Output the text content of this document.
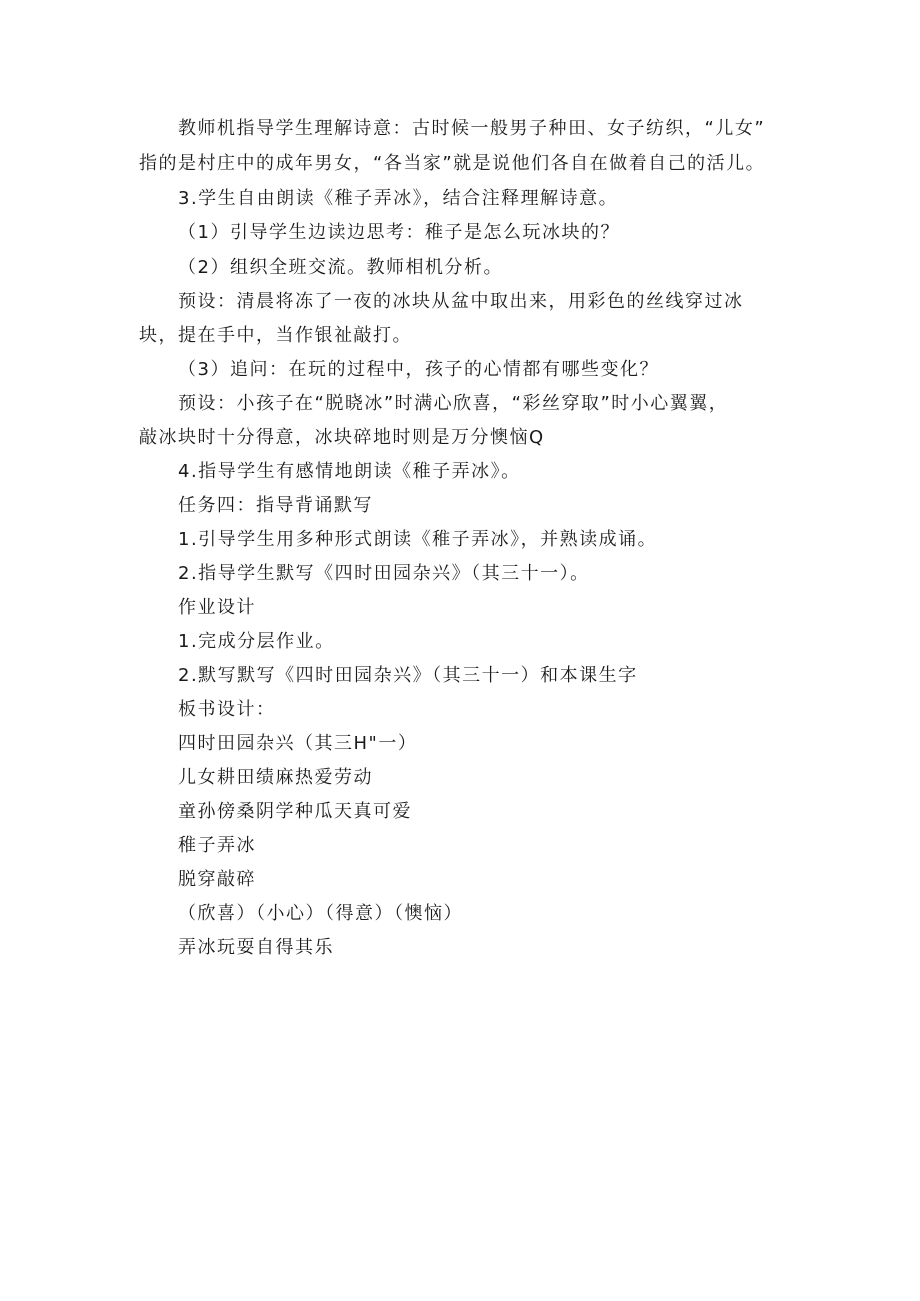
教师机指导学生理解诗意：古时候一般男子种田、女子纺织，“儿女”
指的是村庄中的成年男女，“各当家”就是说他们各自在做着自己的活儿。
3.学生自由朗读《稚子弄冰》，结合注释理解诗意。
（1）引导学生边读边思考：稚子是怎么玩冰块的？
（2）组织全班交流。教师相机分析。
预设：清晨将冻了一夜的冰块从盆中取出来，用彩色的丝线穿过冰
块，提在手中，当作银祉敲打。
（3）追问：在玩的过程中，孩子的心情都有哪些变化？
预设：小孩子在“脱晓冰”时满心欣喜，“彩丝穿取”时小心翼翼，
敲冰块时十分得意，冰块碎地时则是万分懊恼Q
4.指导学生有感情地朗读《稚子弄冰》。
任务四：指导背诵默写
1.引导学生用多种形式朗读《稚子弄冰》，并熟读成诵。
2.指导学生默写《四时田园杂兴》（其三十一）。
作业设计
1.完成分层作业。
2.默写默写《四时田园杂兴》（其三十一）和本课生字
板书设计：
四时田园杂兴（其三H"一）
儿女耕田绩麻热爱劳动
童孙傍桑阴学种瓜天真可爱
稚子弄冰
脱穿敲碎
（欣喜）（小心）（得意）（懊恼）
弄冰玩耍自得其乐
